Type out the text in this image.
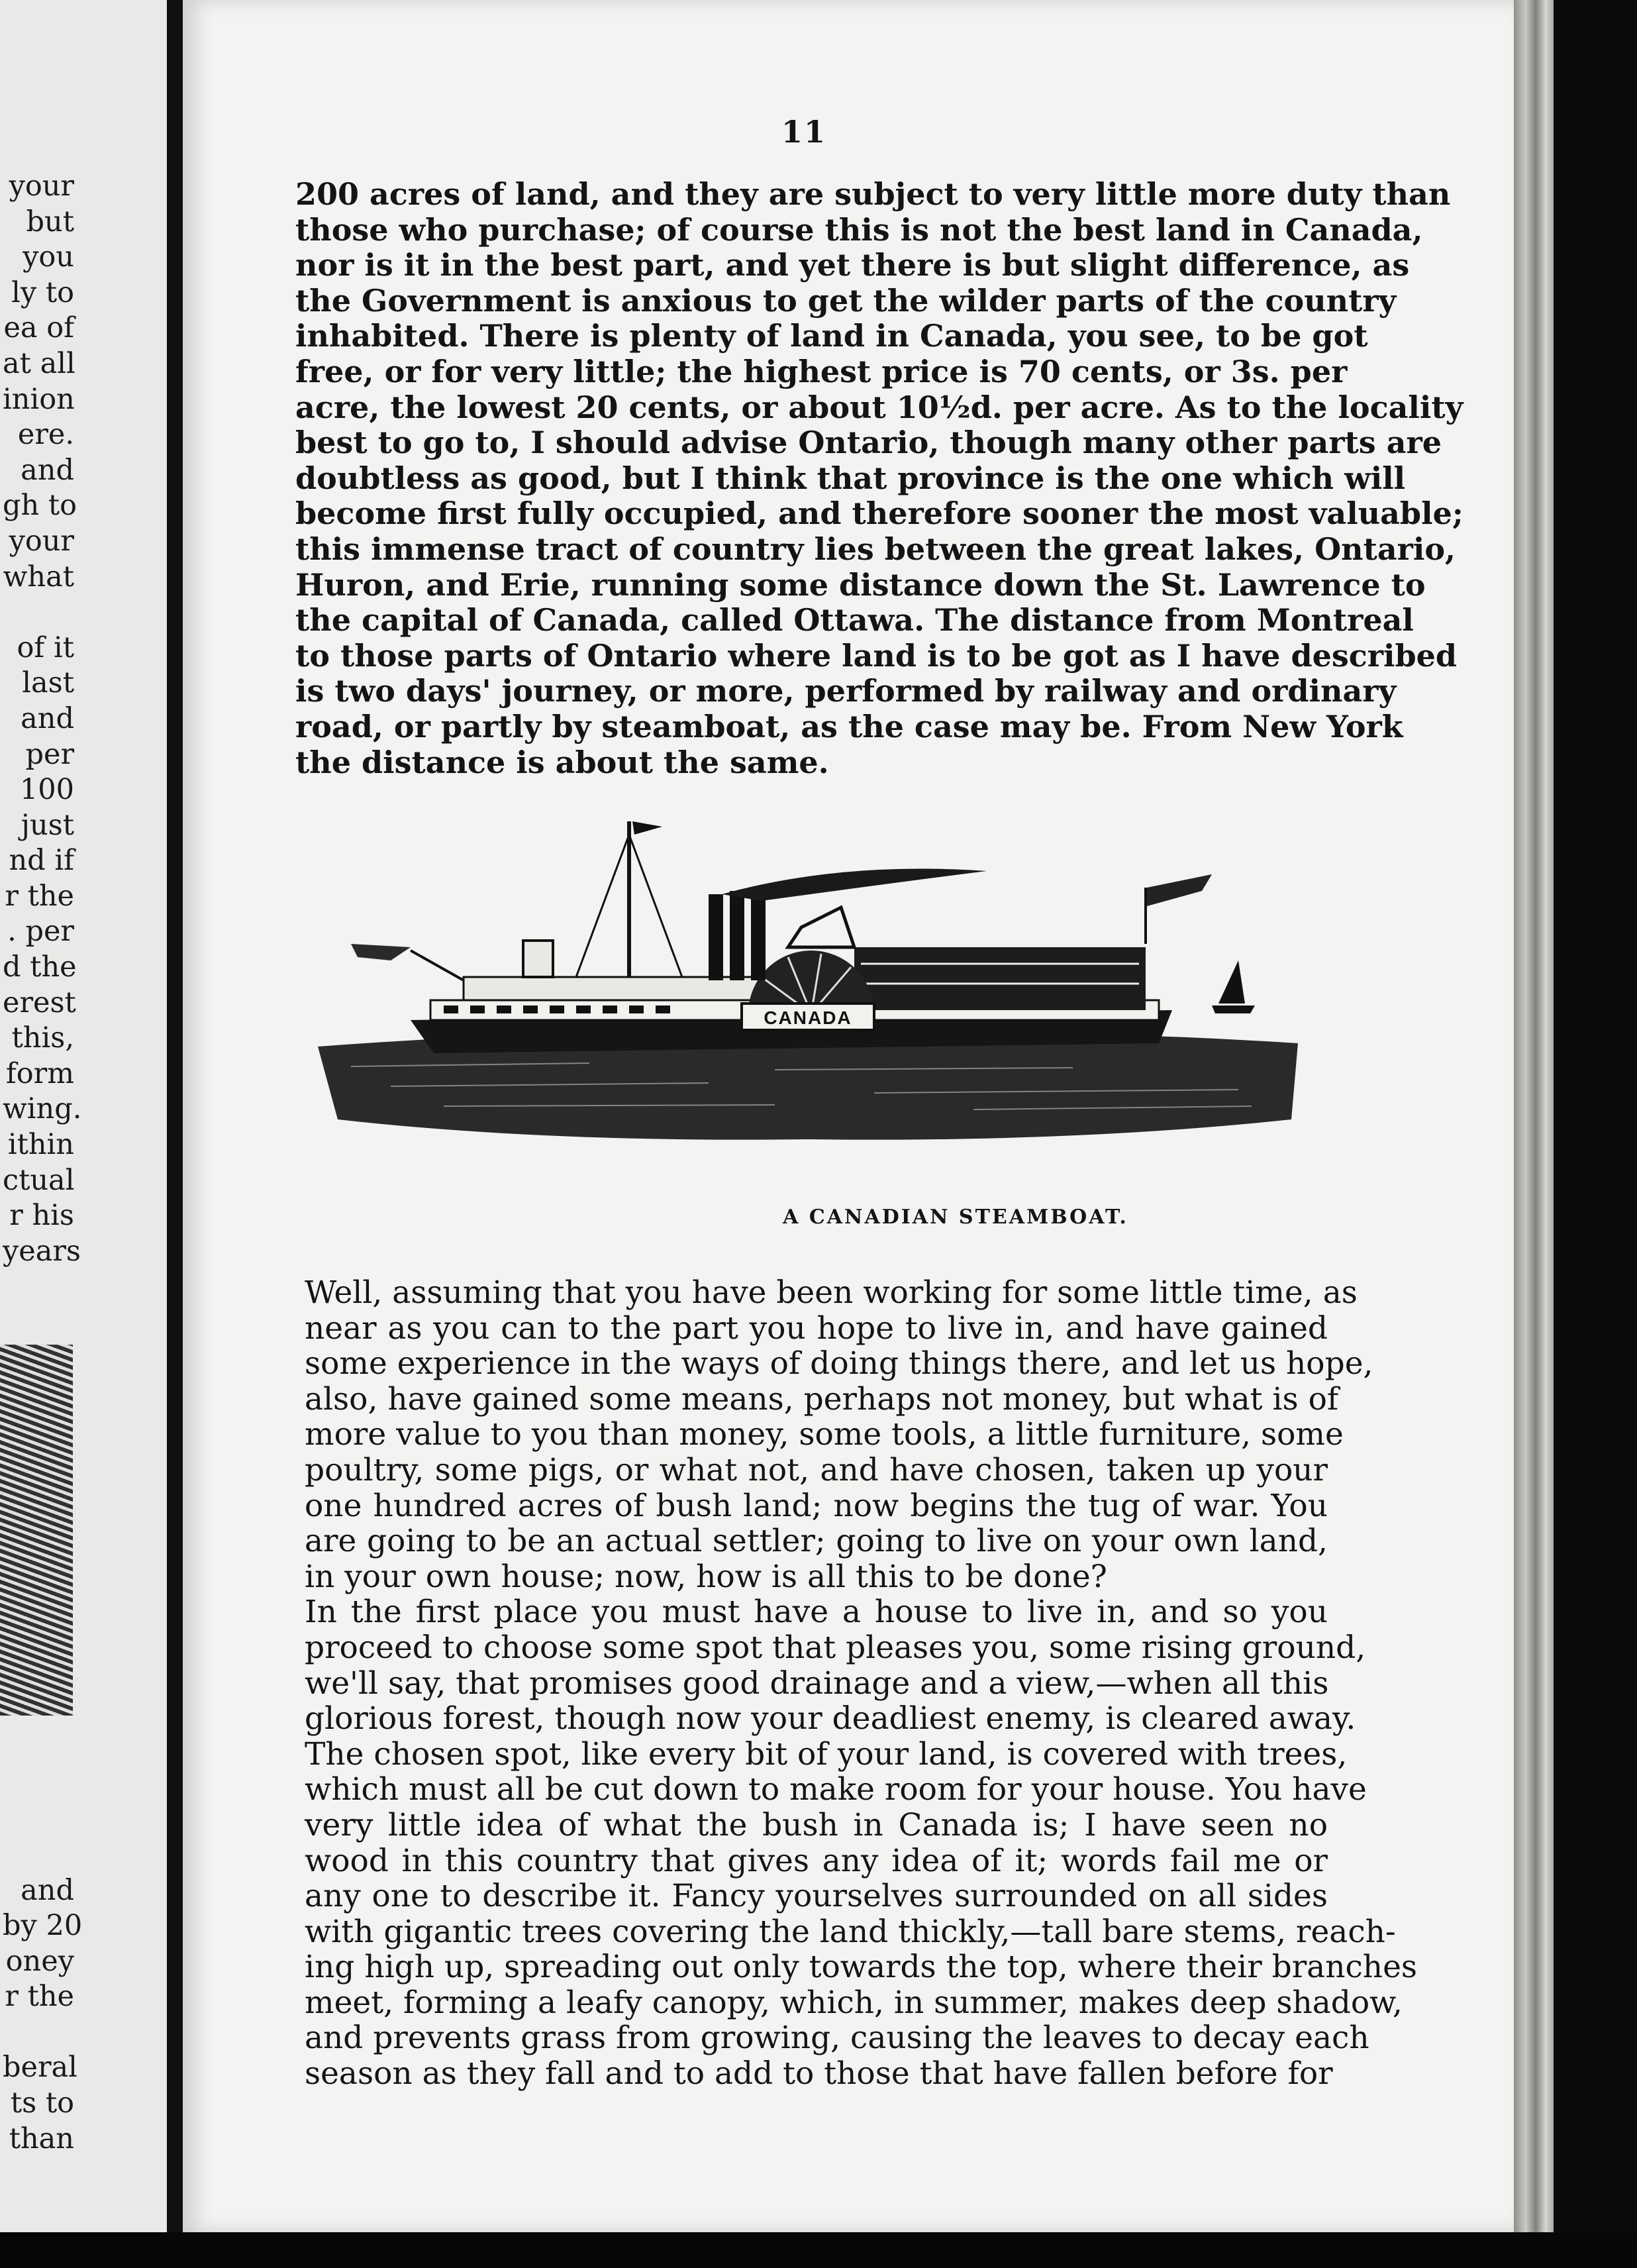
your
but
you
ly to
ea of
at all
inion
ere.
and
gh to
your
what
of it
last
and
per
100
just
nd if
r the
. per
d the
erest
this,
form
wing.
ithin
ctual
r his
years
and
by 20
oney
r the
beral
ts to
than
11
200 acres of land, and they are subject to very little more duty than
those who purchase; of course this is not the best land in Canada,
nor is it in the best part, and yet there is but slight difference, as
the Government is anxious to get the wilder parts of the country
inhabited. There is plenty of land in Canada, you see, to be got
free, or for very little; the highest price is 70 cents, or 3s. per
acre, the lowest 20 cents, or about 10½d. per acre. As to the locality
best to go to, I should advise Ontario, though many other parts are
doubtless as good, but I think that province is the one which will
become first fully occupied, and therefore sooner the most valuable;
this immense tract of country lies between the great lakes, Ontario,
Huron, and Erie, running some distance down the St. Lawrence to
the capital of Canada, called Ottawa. The distance from Montreal
to those parts of Ontario where land is to be got as I have described
is two days' journey, or more, performed by railway and ordinary
road, or partly by steamboat, as the case may be. From New York
the distance is about the same.
CANADA
A CANADIAN STEAMBOAT.
Well, assuming that you have been working for some little time, as
near as you can to the part you hope to live in, and have gained
some experience in the ways of doing things there, and let us hope,
also, have gained some means, perhaps not money, but what is of
more value to you than money, some tools, a little furniture, some
poultry, some pigs, or what not, and have chosen, taken up your
one hundred acres of bush land; now begins the tug of war. You
are going to be an actual settler; going to live on your own land,
in your own house; now, how is all this to be done?
In the first place you must have a house to live in, and so you
proceed to choose some spot that pleases you, some rising ground,
we'll say, that promises good drainage and a view,—when all this
glorious forest, though now your deadliest enemy, is cleared away.
The chosen spot, like every bit of your land, is covered with trees,
which must all be cut down to make room for your house. You have
very little idea of what the bush in Canada is; I have seen no
wood in this country that gives any idea of it; words fail me or
any one to describe it. Fancy yourselves surrounded on all sides
with gigantic trees covering the land thickly,—tall bare stems, reach-
ing high up, spreading out only towards the top, where their branches
meet, forming a leafy canopy, which, in summer, makes deep shadow,
and prevents grass from growing, causing the leaves to decay each
season as they fall and to add to those that have fallen before for
